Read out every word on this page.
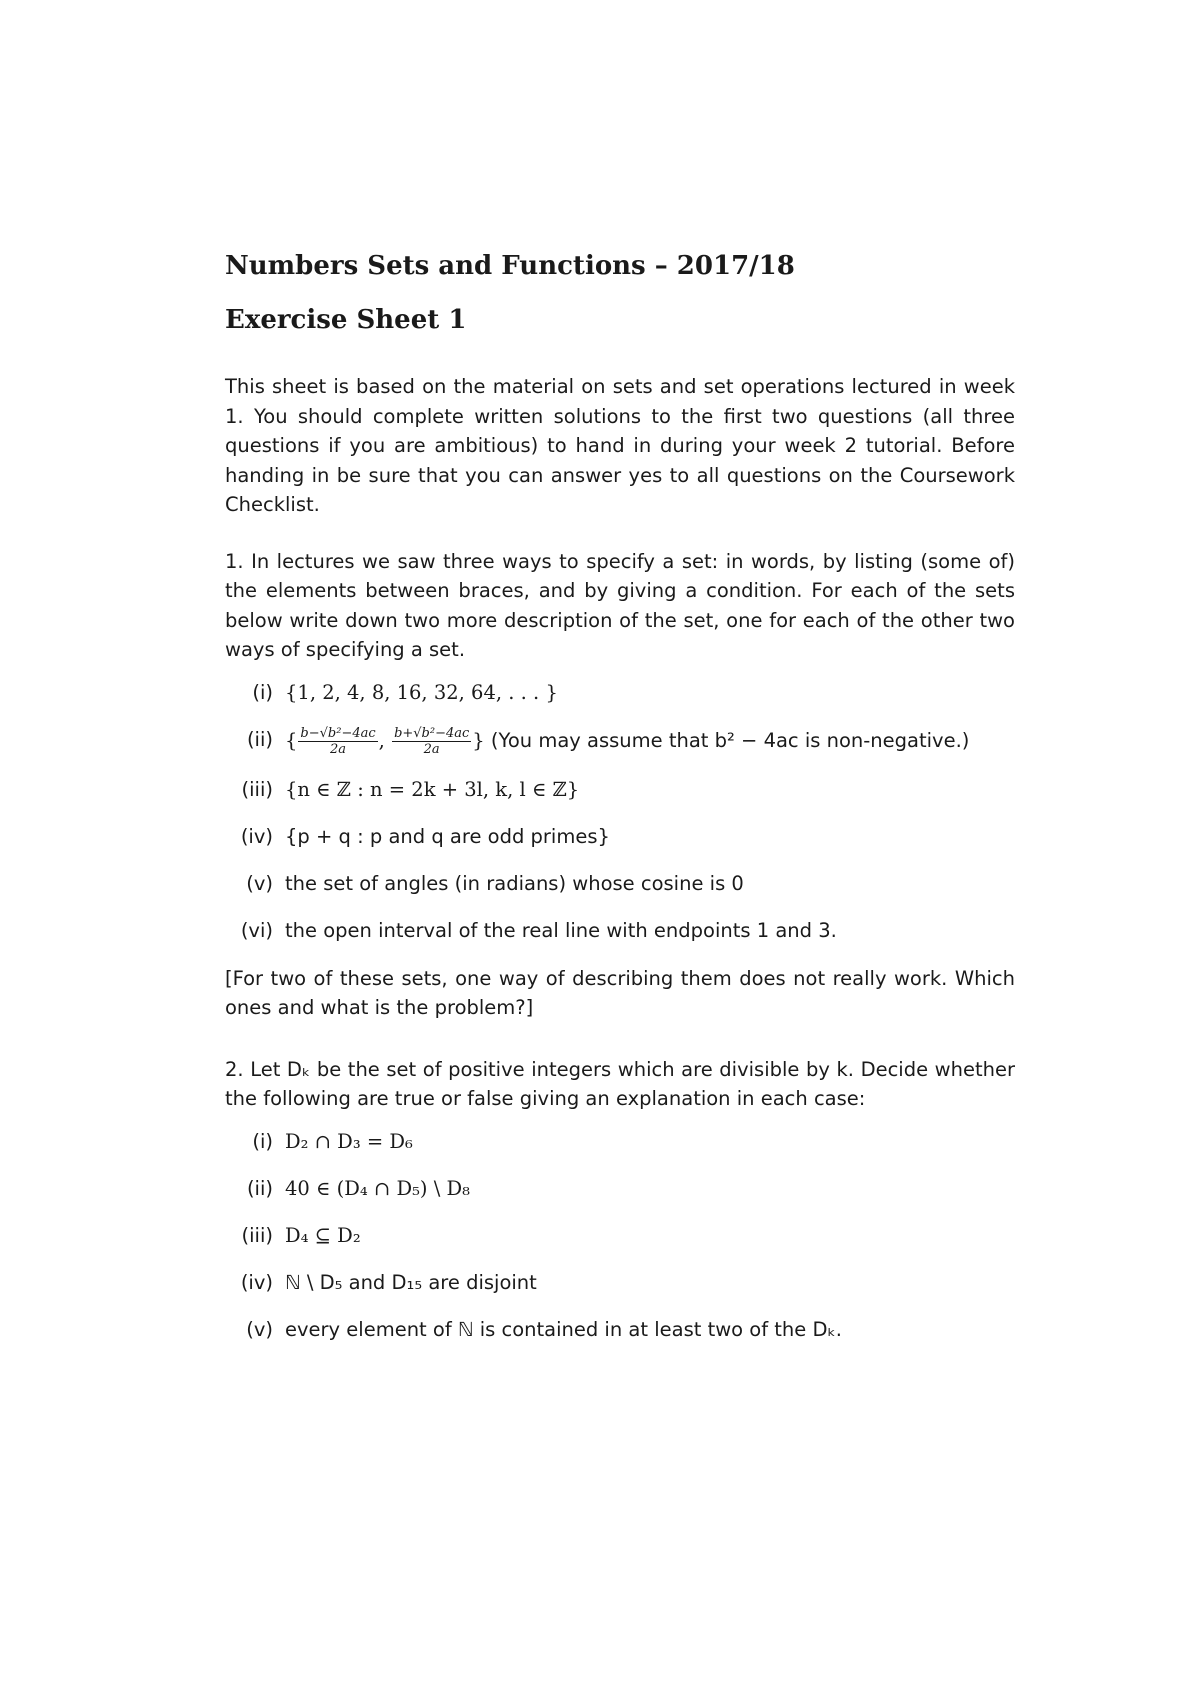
Numbers Sets and Functions – 2017/18
Exercise Sheet 1

This sheet is based on the material on sets and set operations lectured in week 1. You should complete written solutions to the first two questions (all three questions if you are ambitious) to hand in during your week 2 tutorial. Before handing in be sure that you can answer yes to all questions on the Coursework Checklist.

1. In lectures we saw three ways to specify a set: in words, by listing (some of) the elements between braces, and by giving a condition. For each of the sets below write down two more description of the set, one for each of the other two ways of specifying a set.

(i) {1, 2, 4, 8, 16, 32, 64, . . . }
(ii) { $\frac{\text{b−√b²−4ac}}{2a}$ , $\frac{\text{b+√b²−4ac}}{2a}$ } (You may assume that b² − 4ac is non-negative.)
(iii) {n ∈ ℤ : n = 2k + 3l, k, l ∈ ℤ}
(iv) {p + q : p and q are odd primes}
(v) the set of angles (in radians) whose cosine is 0
(vi) the open interval of the real line with endpoints 1 and 3.

[For two of these sets, one way of describing them does not really work. Which ones and what is the problem?]

2. Let Dₖ be the set of positive integers which are divisible by k. Decide whether the following are true or false giving an explanation in each case:

(i) D₂ ∩ D₃ = D₆
(ii) 40 ∈ (D₄ ∩ D₅) \ D₈
(iii) D₄ ⊆ D₂
(iv) ℕ \ D₅ and D₁₅ are disjoint
(v) every element of ℕ is contained in at least two of the Dₖ.
